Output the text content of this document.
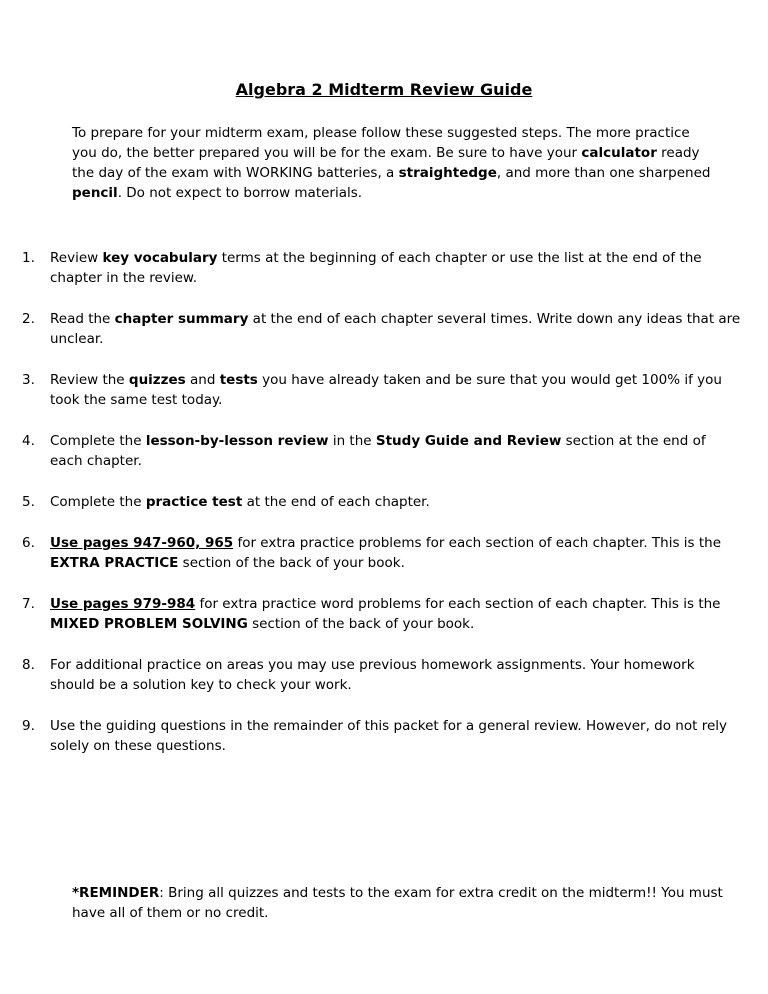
Algebra 2 Midterm Review Guide

To prepare for your midterm exam, please follow these suggested steps. The more practice you do, the better prepared you will be for the exam. Be sure to have your calculator ready the day of the exam with WORKING batteries, a straightedge, and more than one sharpened pencil. Do not expect to borrow materials.

1. Review key vocabulary terms at the beginning of each chapter or use the list at the end of the chapter in the review.
2. Read the chapter summary at the end of each chapter several times. Write down any ideas that are unclear.
3. Review the quizzes and tests you have already taken and be sure that you would get 100% if you took the same test today.
4. Complete the lesson-by-lesson review in the Study Guide and Review section at the end of each chapter.
5. Complete the practice test at the end of each chapter.
6. Use pages 947-960, 965 for extra practice problems for each section of each chapter. This is the EXTRA PRACTICE section of the back of your book.
7. Use pages 979-984 for extra practice word problems for each section of each chapter. This is the MIXED PROBLEM SOLVING section of the back of your book.
8. For additional practice on areas you may use previous homework assignments. Your homework should be a solution key to check your work.
9. Use the guiding questions in the remainder of this packet for a general review. However, do not rely solely on these questions.

*REMINDER: Bring all quizzes and tests to the exam for extra credit on the midterm!! You must have all of them or no credit.
